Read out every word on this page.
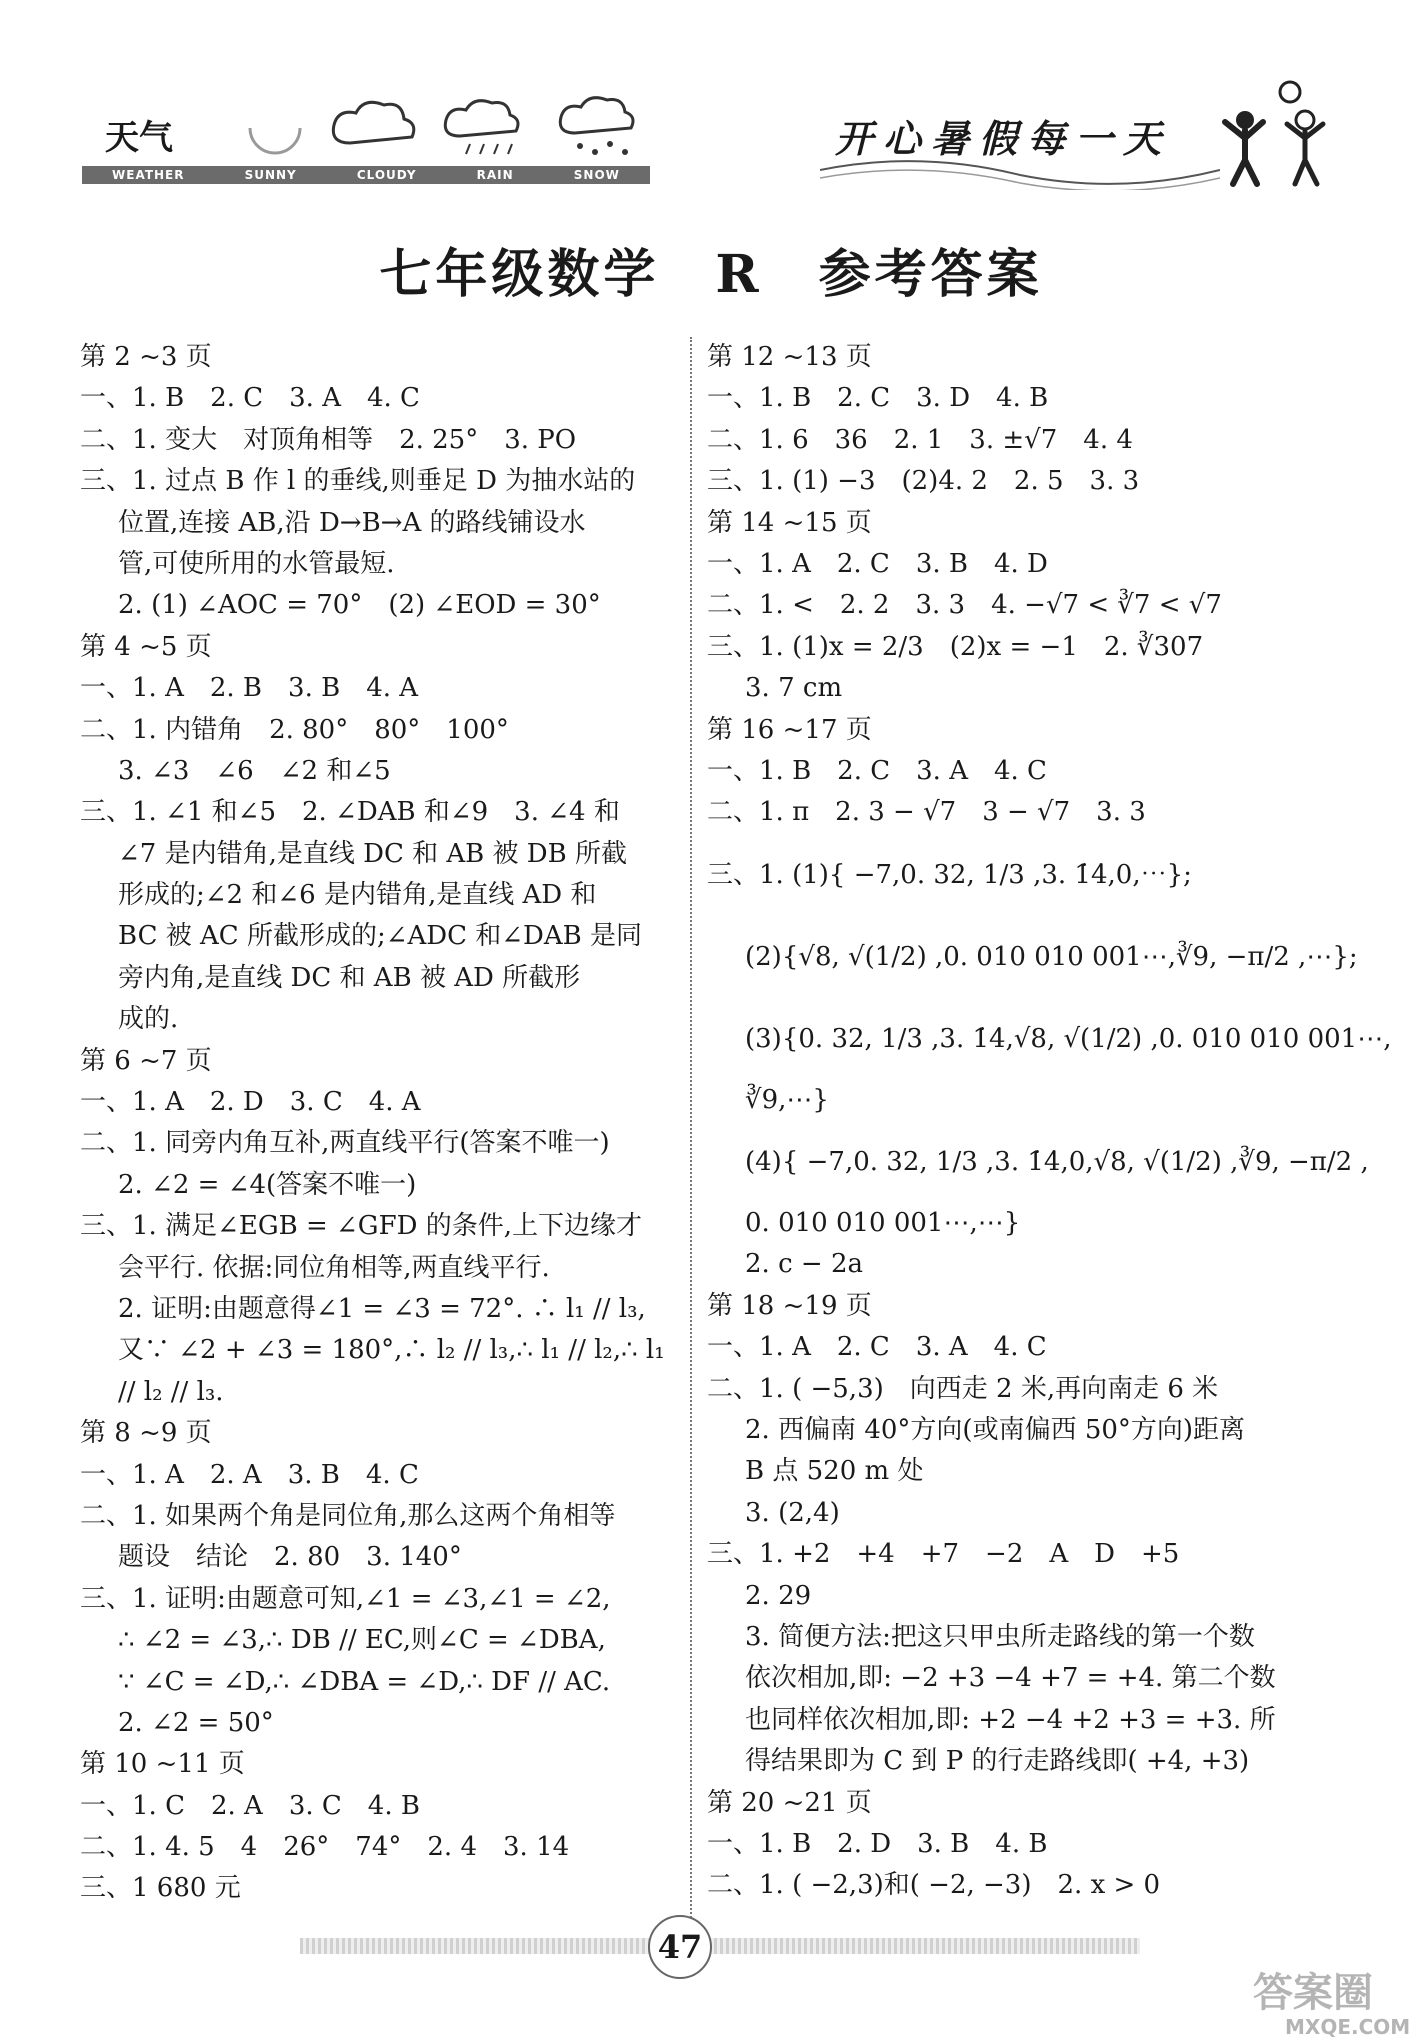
天气
WEATHER	SUNNY	CLOUDY	RAIN	SNOW
开心暑假每一天
七年级数学　R　参考答案
第 2 ~3 页
一、1. B　2. C　3. A　4. C
二、1. 变大　对顶角相等　2. 25°　3. PO
三、1. 过点 B 作 l 的垂线,则垂足 D 为抽水站的
位置,连接 AB,沿 D→B→A 的路线铺设水
管,可使所用的水管最短.
2. (1) ∠AOC = 70°　(2) ∠EOD = 30°
第 4 ~5 页
一、1. A　2. B　3. B　4. A
二、1. 内错角　2. 80°　80°　100°
3. ∠3　∠6　∠2 和∠5
三、1. ∠1 和∠5　2. ∠DAB 和∠9　3. ∠4 和
∠7 是内错角,是直线 DC 和 AB 被 DB 所截
形成的;∠2 和∠6 是内错角,是直线 AD 和
BC 被 AC 所截形成的;∠ADC 和∠DAB 是同
旁内角,是直线 DC 和 AB 被 AD 所截形
成的.
第 6 ~7 页
一、1. A　2. D　3. C　4. A
二、1. 同旁内角互补,两直线平行(答案不唯一)
2. ∠2 = ∠4(答案不唯一)
三、1. 满足∠EGB = ∠GFD 的条件,上下边缘才
会平行. 依据:同位角相等,两直线平行.
2. 证明:由题意得∠1 = ∠3 = 72°. ∴ l₁ // l₃,
又∵ ∠2 + ∠3 = 180°,∴ l₂ // l₃,∴ l₁ // l₂,∴ l₁
// l₂ // l₃.
第 8 ~9 页
一、1. A　2. A　3. B　4. C
二、1. 如果两个角是同位角,那么这两个角相等
题设　结论　2. 80　3. 140°
三、1. 证明:由题意可知,∠1 = ∠3,∠1 = ∠2,
∴ ∠2 = ∠3,∴ DB // EC,则∠C = ∠DBA,
∵ ∠C = ∠D,∴ ∠DBA = ∠D,∴ DF // AC.
2. ∠2 = 50°
第 10 ~11 页
一、1. C　2. A　3. C　4. B
二、1. 4. 5　4　26°　74°　2. 4　3. 14
三、1 680 元
第 12 ~13 页
一、1. B　2. C　3. D　4. B
二、1. 6　36　2. 1　3. ±√7　4. 4
三、1. (1) −3　(2)4. 2　2. 5　3. 3
第 14 ~15 页
一、1. A　2. C　3. B　4. D
二、1. <　2. 2　3. 3　4. −√7 < ∛7 < √7
三、1. (1)x = 2/3　(2)x = −1　2. ∛307
3. 7 cm
第 16 ~17 页
一、1. B　2. C　3. A　4. C
二、1. π　2. 3 − √7　3 − √7　3. 3
三、1. (1){ −7,0. 32, 1/3 ,3. 1̇4̇,0,⋯};
(2){√8, √(1/2) ,0. 010 010 001⋯,∛9, −π/2 ,⋯};
(3){0. 32, 1/3 ,3. 1̇4̇,√8, √(1/2) ,0. 010 010 001⋯,
∛9,⋯}
(4){ −7,0. 32, 1/3 ,3. 1̇4̇,0,√8, √(1/2) ,∛9, −π/2 ,
0. 010 010 001⋯,⋯}
2. c − 2a
第 18 ~19 页
一、1. A　2. C　3. A　4. C
二、1. ( −5,3)　向西走 2 米,再向南走 6 米
2. 西偏南 40°方向(或南偏西 50°方向)距离
B 点 520 m 处
3. (2,4)
三、1. +2　+4　+7　−2　A　D　+5
2. 29
3. 简便方法:把这只甲虫所走路线的第一个数
依次相加,即: −2 +3 −4 +7 = +4. 第二个数
也同样依次相加,即: +2 −4 +2 +3 = +3. 所
得结果即为 C 到 P 的行走路线即( +4, +3)
第 20 ~21 页
一、1. B　2. D　3. B　4. B
二、1. ( −2,3)和( −2, −3)　2. x > 0
47
答案圈
MXQE.COM
